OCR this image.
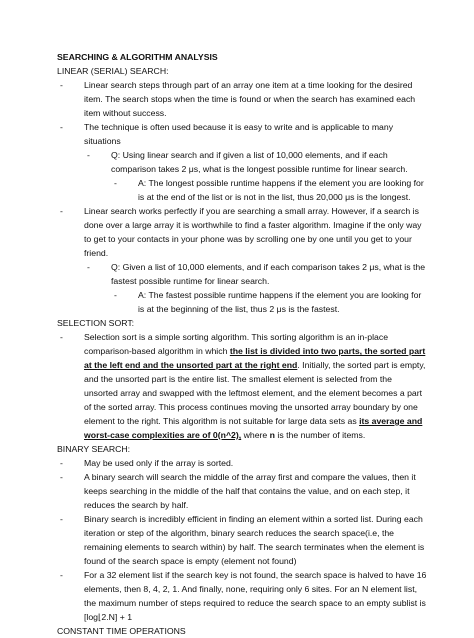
SEARCHING & ALGORITHM ANALYSIS
LINEAR (SERIAL) SEARCH:
- Linear search steps through part of an array one item at a time looking for the desired item. The search stops when the time is found or when the search has examined each item without success.
- The technique is often used because it is easy to write and is applicable to many situations
- Q: Using linear search and if given a list of 10,000 elements, and if each comparison takes 2 μs, what is the longest possible runtime for linear search.
- A: The longest possible runtime happens if the element you are looking for is at the end of the list or is not in the list, thus 20,000 μs is the longest.
- Linear search works perfectly if you are searching a small array. However, if a search is done over a large array it is worthwhile to find a faster algorithm. Imagine if the only way to get to your contacts in your phone was by scrolling one by one until you get to your friend.
- Q: Given a list of 10,000 elements, and if each comparison takes 2 μs, what is the fastest possible runtime for linear search.
- A: The fastest possible runtime happens if the element you are looking for is at the beginning of the list, thus 2 μs is the fastest.
SELECTION SORT:
- Selection sort is a simple sorting algorithm. This sorting algorithm is an in-place comparison-based algorithm in which the list is divided into two parts, the sorted part at the left end and the unsorted part at the right end. Initially, the sorted part is empty, and the unsorted part is the entire list. The smallest element is selected from the unsorted array and swapped with the leftmost element, and the element becomes a part of the sorted array. This process continues moving the unsorted array boundary by one element to the right. This algorithm is not suitable for large data sets as its average and worst-case complexities are of 0(n^2), where n is the number of items.
BINARY SEARCH:
- May be used only if the array is sorted.
- A binary search will search the middle of the array first and compare the values, then it keeps searching in the middle of the half that contains the value, and on each step, it reduces the search by half.
- Binary search is incredibly efficient in finding an element within a sorted list. During each iteration or step of the algorithm, binary search reduces the search space(i.e, the remaining elements to search within) by half. The search terminates when the element is found of the search space is empty (element not found)
- For a 32 element list if the search key is not found, the search space is halved to have 16 elements, then 8, 4, 2, 1. And finally, none, requiring only 6 sites. For an N element list, the maximum number of steps required to reduce the search space to an empty sublist is [log⌊2.N] + 1
CONSTANT TIME OPERATIONS
